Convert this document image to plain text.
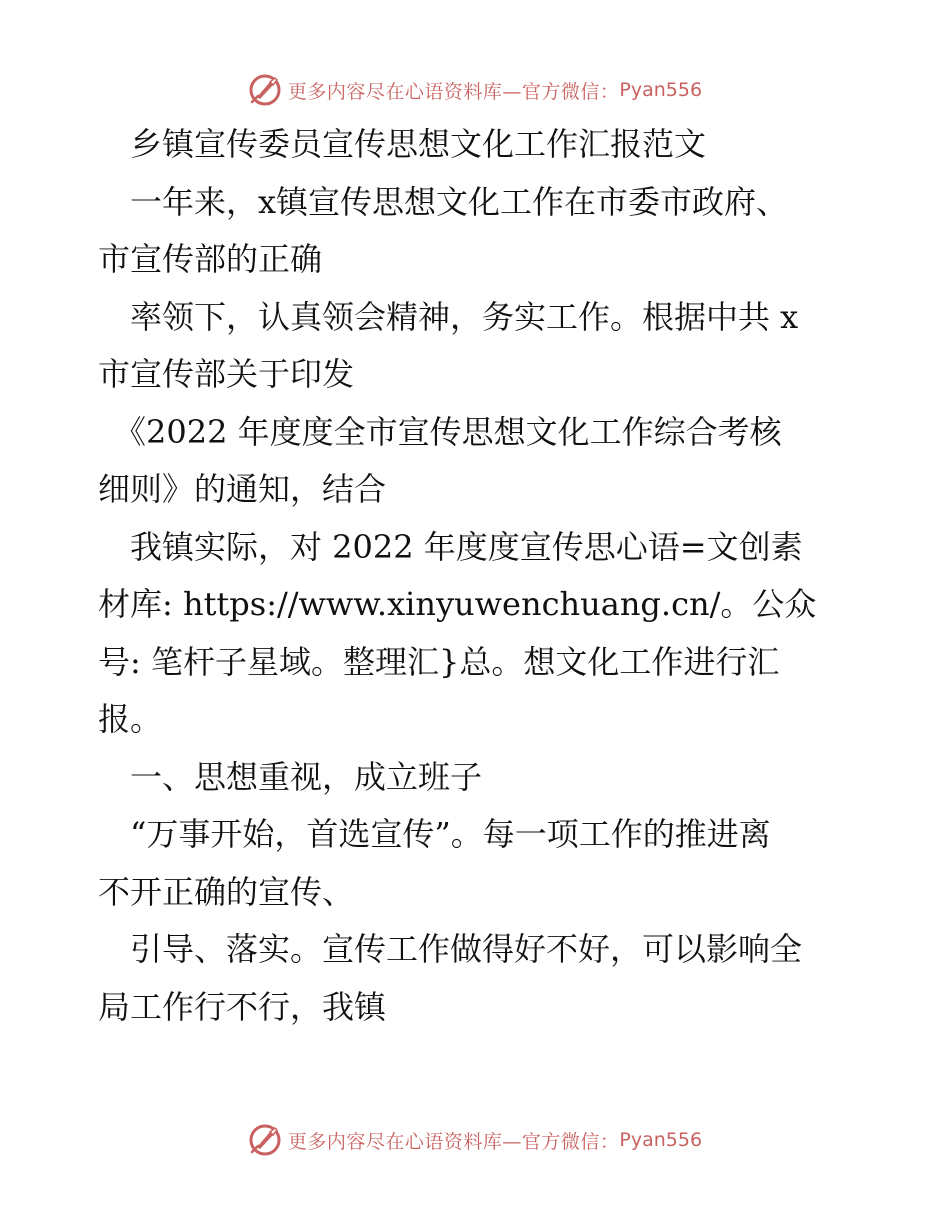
更多内容尽在心语资料库—官方微信： Pyan556
　乡镇宣传委员宣传思想文化工作汇报范文
　一年来，x镇宣传思想文化工作在市委市政府、
市宣传部的正确
　率领下，认真领会精神，务实工作。根据中共 x
市宣传部关于印发
　《2022 年度度全市宣传思想文化工作综合考核
细则》的通知，结合
　我镇实际，对 2022 年度度宣传思心语=文创素
材库: https://www.xinyuwenchuang.cn/。公众
号: 笔杆子星域。整理汇}总。想文化工作进行汇
报。
　一、思想重视，成立班子
　“万事开始，首选宣传”。每一项工作的推进离
不开正确的宣传、
　引导、落实。宣传工作做得好不好，可以影响全
局工作行不行，我镇
更多内容尽在心语资料库—官方微信： Pyan556
